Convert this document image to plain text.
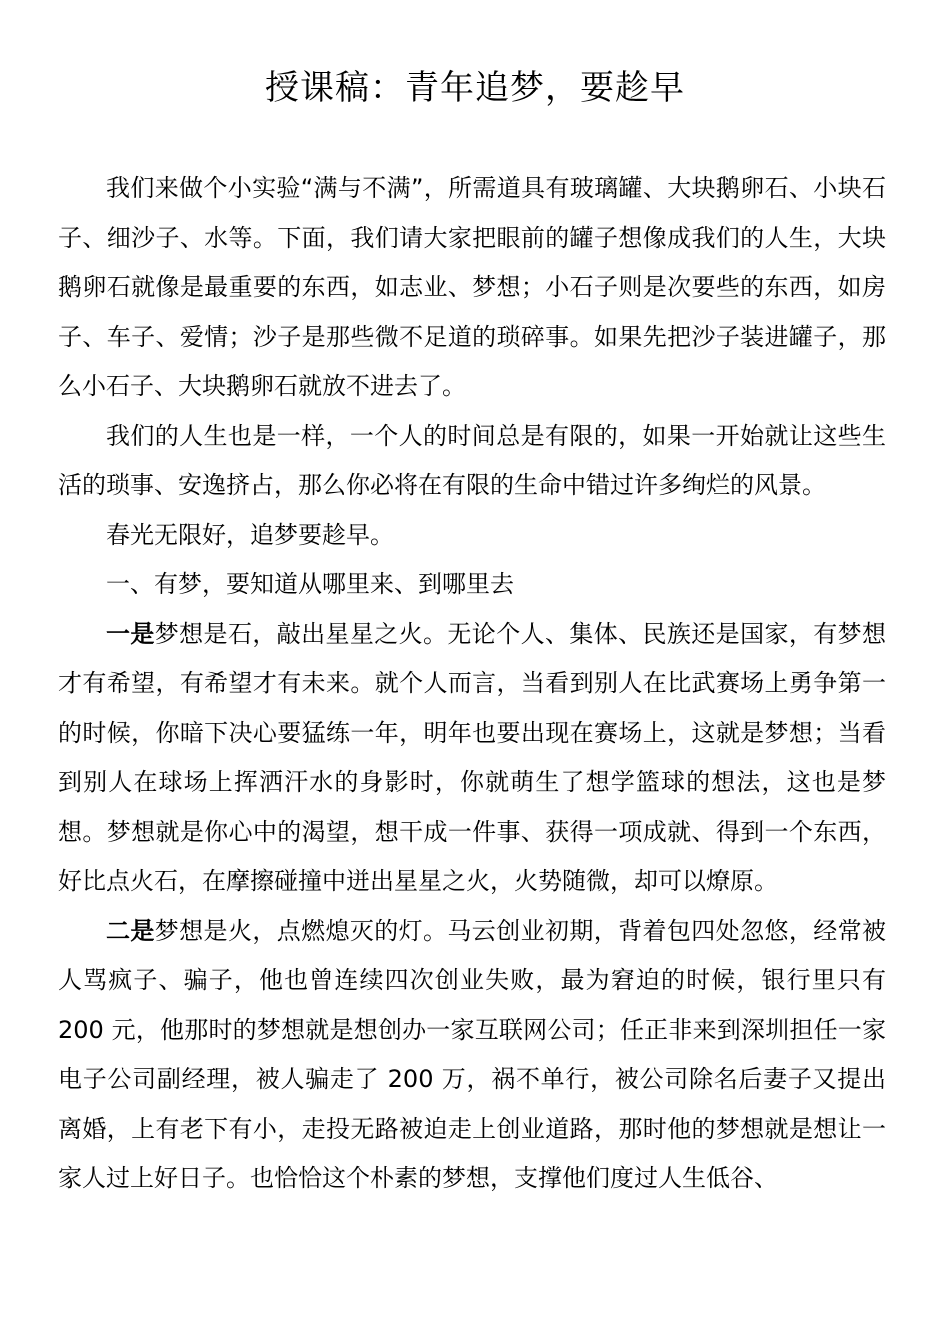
授课稿：青年追梦，要趁早

我们来做个小实验“满与不满”，所需道具有玻璃罐、大块鹅卵石、小块石子、细沙子、水等。下面，我们请大家把眼前的罐子想像成我们的人生，大块鹅卵石就像是最重要的东西，如志业、梦想；小石子则是次要些的东西，如房子、车子、爱情；沙子是那些微不足道的琐碎事。如果先把沙子装进罐子，那么小石子、大块鹅卵石就放不进去了。

我们的人生也是一样，一个人的时间总是有限的，如果一开始就让这些生活的琐事、安逸挤占，那么你必将在有限的生命中错过许多绚烂的风景。

春光无限好，追梦要趁早。

一、有梦，要知道从哪里来、到哪里去

一是梦想是石，敲出星星之火。无论个人、集体、民族还是国家，有梦想才有希望，有希望才有未来。就个人而言，当看到别人在比武赛场上勇争第一的时候，你暗下决心要猛练一年，明年也要出现在赛场上，这就是梦想；当看到别人在球场上挥洒汗水的身影时，你就萌生了想学篮球的想法，这也是梦想。梦想就是你心中的渴望，想干成一件事、获得一项成就、得到一个东西，好比点火石，在摩擦碰撞中迸出星星之火，火势随微，却可以燎原。

二是梦想是火，点燃熄灭的灯。马云创业初期，背着包四处忽悠，经常被人骂疯子、骗子，他也曾连续四次创业失败，最为窘迫的时候，银行里只有 200 元，他那时的梦想就是想创办一家互联网公司；任正非来到深圳担任一家电子公司副经理，被人骗走了 200 万，祸不单行，被公司除名后妻子又提出离婚，上有老下有小，走投无路被迫走上创业道路，那时他的梦想就是想让一家人过上好日子。也恰恰这个朴素的梦想，支撑他们度过人生低谷、
